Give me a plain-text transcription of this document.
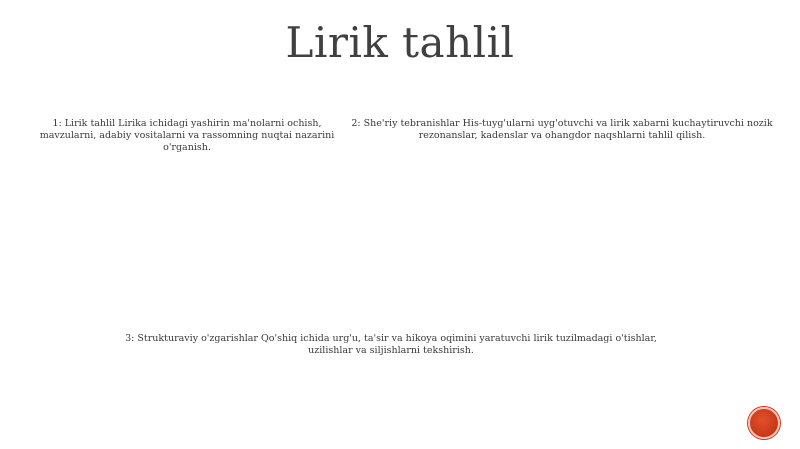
Lirik tahlil
1: Lirik tahlil Lirika ichidagi yashirin ma'nolarni ochish, mavzularni, adabiy vositalarni va rassomning nuqtai nazarini o'rganish.
2: She'riy tebranishlar His-tuyg'ularni uyg'otuvchi va lirik xabarni kuchaytiruvchi nozik rezonanslar, kadenslar va ohangdor naqshlarni tahlil qilish.
3: Strukturaviy o'zgarishlar Qo'shiq ichida urg'u, ta'sir va hikoya oqimini yaratuvchi lirik tuzilmadagi o'tishlar, uzilishlar va siljishlarni tekshirish.
